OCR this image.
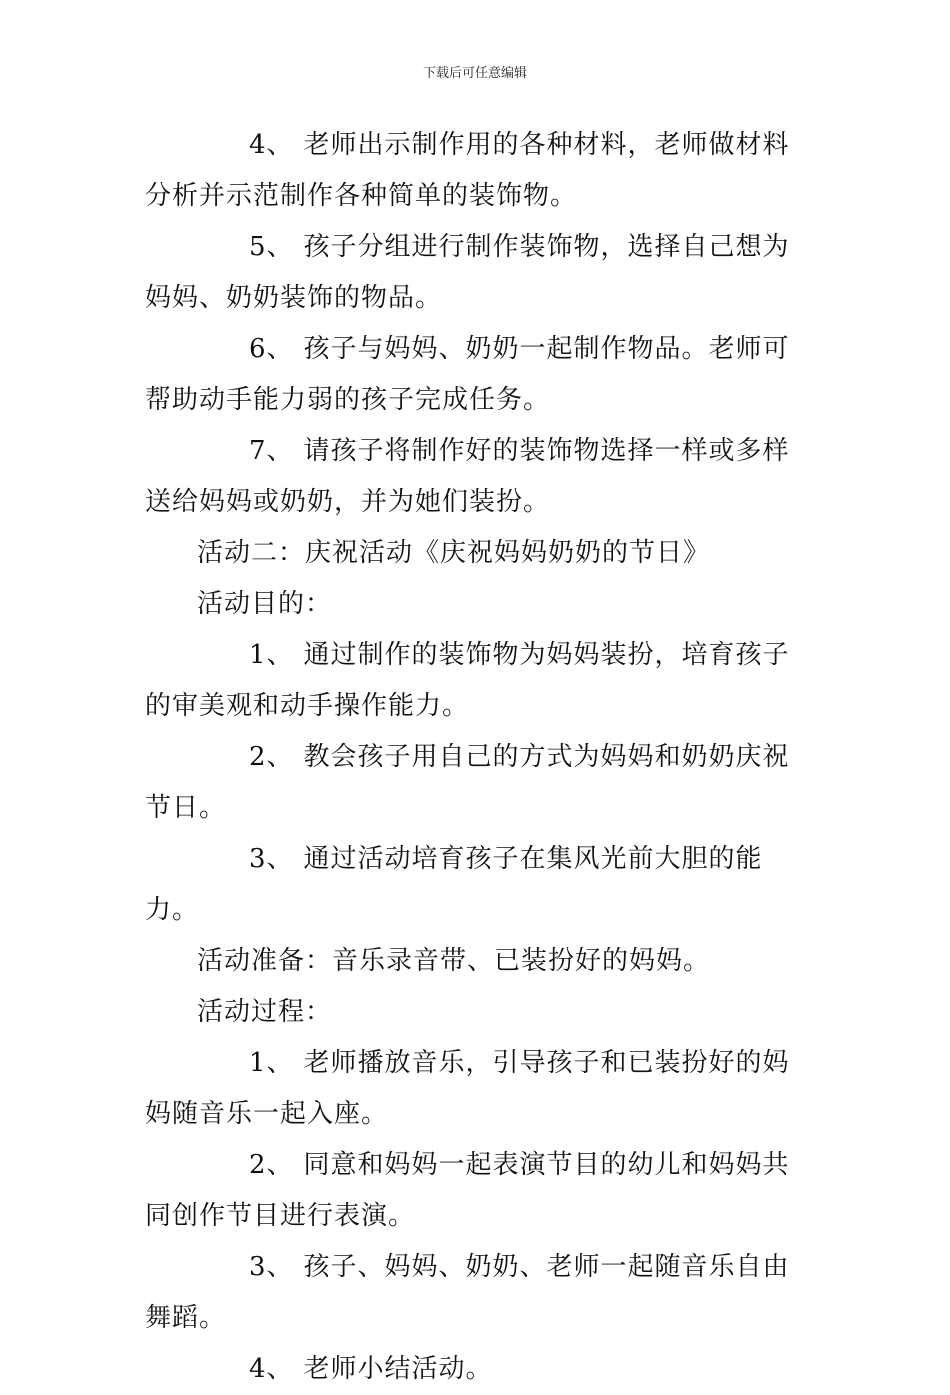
下载后可任意编辑

4、 老师出示制作用的各种材料，老师做材料分析并示范制作各种简单的装饰物。

5、 孩子分组进行制作装饰物，选择自己想为妈妈、奶奶装饰的物品。

6、 孩子与妈妈、奶奶一起制作物品。老师可帮助动手能力弱的孩子完成任务。

7、 请孩子将制作好的装饰物选择一样或多样送给妈妈或奶奶，并为她们装扮。

活动二：庆祝活动《庆祝妈妈奶奶的节日》

活动目的：

1、 通过制作的装饰物为妈妈装扮，培育孩子的审美观和动手操作能力。

2、 教会孩子用自己的方式为妈妈和奶奶庆祝节日。

3、 通过活动培育孩子在集风光前大胆的能力。

活动准备：音乐录音带、已装扮好的妈妈。

活动过程：

1、 老师播放音乐，引导孩子和已装扮好的妈妈随音乐一起入座。

2、 同意和妈妈一起表演节目的幼儿和妈妈共同创作节目进行表演。

3、 孩子、妈妈、奶奶、老师一起随音乐自由舞蹈。

4、 老师小结活动。
